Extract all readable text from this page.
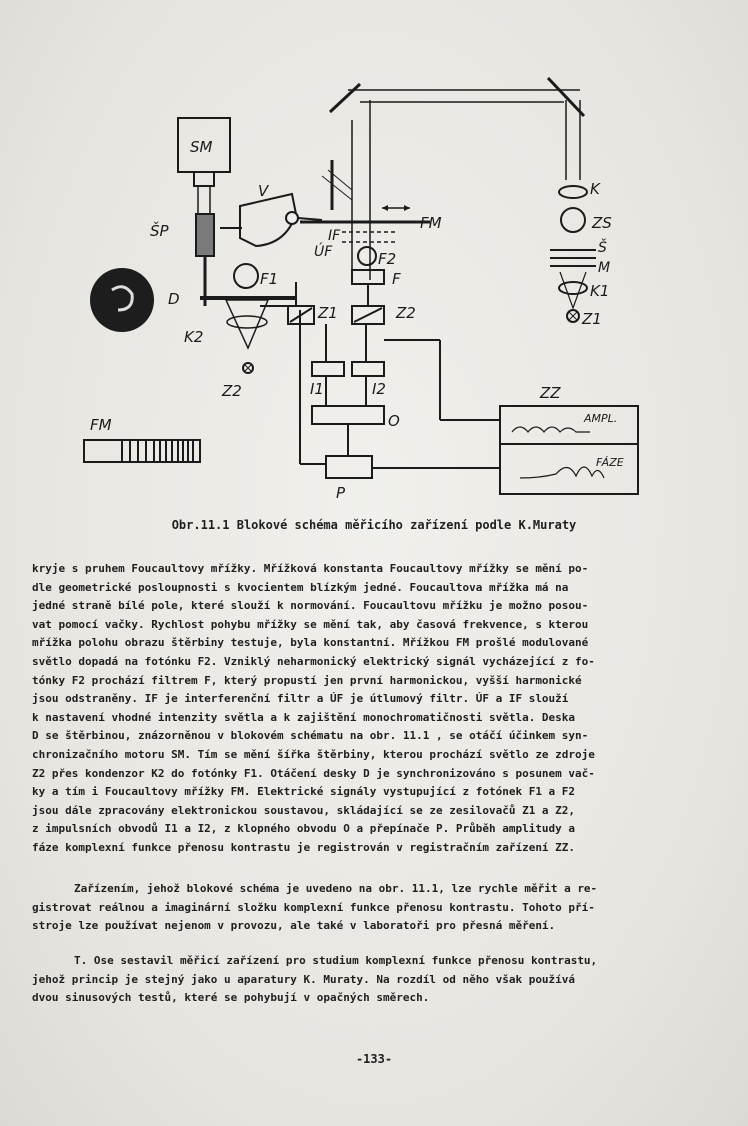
SM
ŠP
V
D
F1
K2
Z2
FM
IF
ÚF	F2
F
Z1	Z2
I1	I2
O
P
K
ZS
Š
M
K1
Z1
ZZ
AMPL.
FÁZE
FM
Obr.11.1 Blokové schéma měřicího zařízení podle K.Muraty
kryje s pruhem Foucaultovy mřížky. Mřížková konstanta Foucaultovy mřížky se mění po-
dle geometrické posloupnosti s kvocientem blízkým jedné. Foucaultova mřížka má na
jedné straně bílé pole, které slouží k normování. Foucaultovu mřížku je možno posou-
vat pomocí vačky. Rychlost pohybu mřížky se mění tak, aby časová frekvence, s kterou
mřížka polohu obrazu štěrbiny testuje, byla konstantní. Mřížkou FM prošlé modulované
světlo dopadá na fotónku F2. Vzniklý neharmonický elektrický signál vycházející z fo-
tónky F2 prochází filtrem F, který propustí jen první harmonickou, vyšší harmonické
jsou odstraněny. IF je interferenční filtr a ÚF je útlumový filtr. ÚF a IF slouží
k nastavení vhodné intenzity světla a k zajištění monochromatičnosti světla. Deska
D se štěrbinou, znázorněnou v blokovém schématu na obr. 11.1 , se otáčí účinkem syn-
chronizačního motoru SM. Tím se mění šířka štěrbiny, kterou prochází světlo ze zdroje
Z2 přes kondenzor K2 do fotónky F1. Otáčení desky D je synchronizováno s posunem vač-
ky a tím i Foucaultovy mřížky FM. Elektrické signály vystupující z fotónek F1 a F2
jsou dále zpracovány elektronickou soustavou, skládající se ze zesilovačů Z1 a Z2,
z impulsních obvodů I1 a I2, z klopného obvodu O a přepínače P. Průběh amplitudy a
fáze komplexní funkce přenosu kontrastu je registrován v registračním zařízení ZZ.
Zařízením, jehož blokové schéma je uvedeno na obr. 11.1, lze rychle měřit a re-
gistrovat reálnou a imaginární složku komplexní funkce přenosu kontrastu. Tohoto pří-
stroje lze používat nejenom v provozu, ale také v laboratoři pro přesná měření.
T. Ose sestavil měřicí zařízení pro studium komplexní funkce přenosu kontrastu,
jehož princip je stejný jako u aparatury K. Muraty. Na rozdíl od něho však používá
dvou sinusových testů, které se pohybují v opačných směrech.
-133-
